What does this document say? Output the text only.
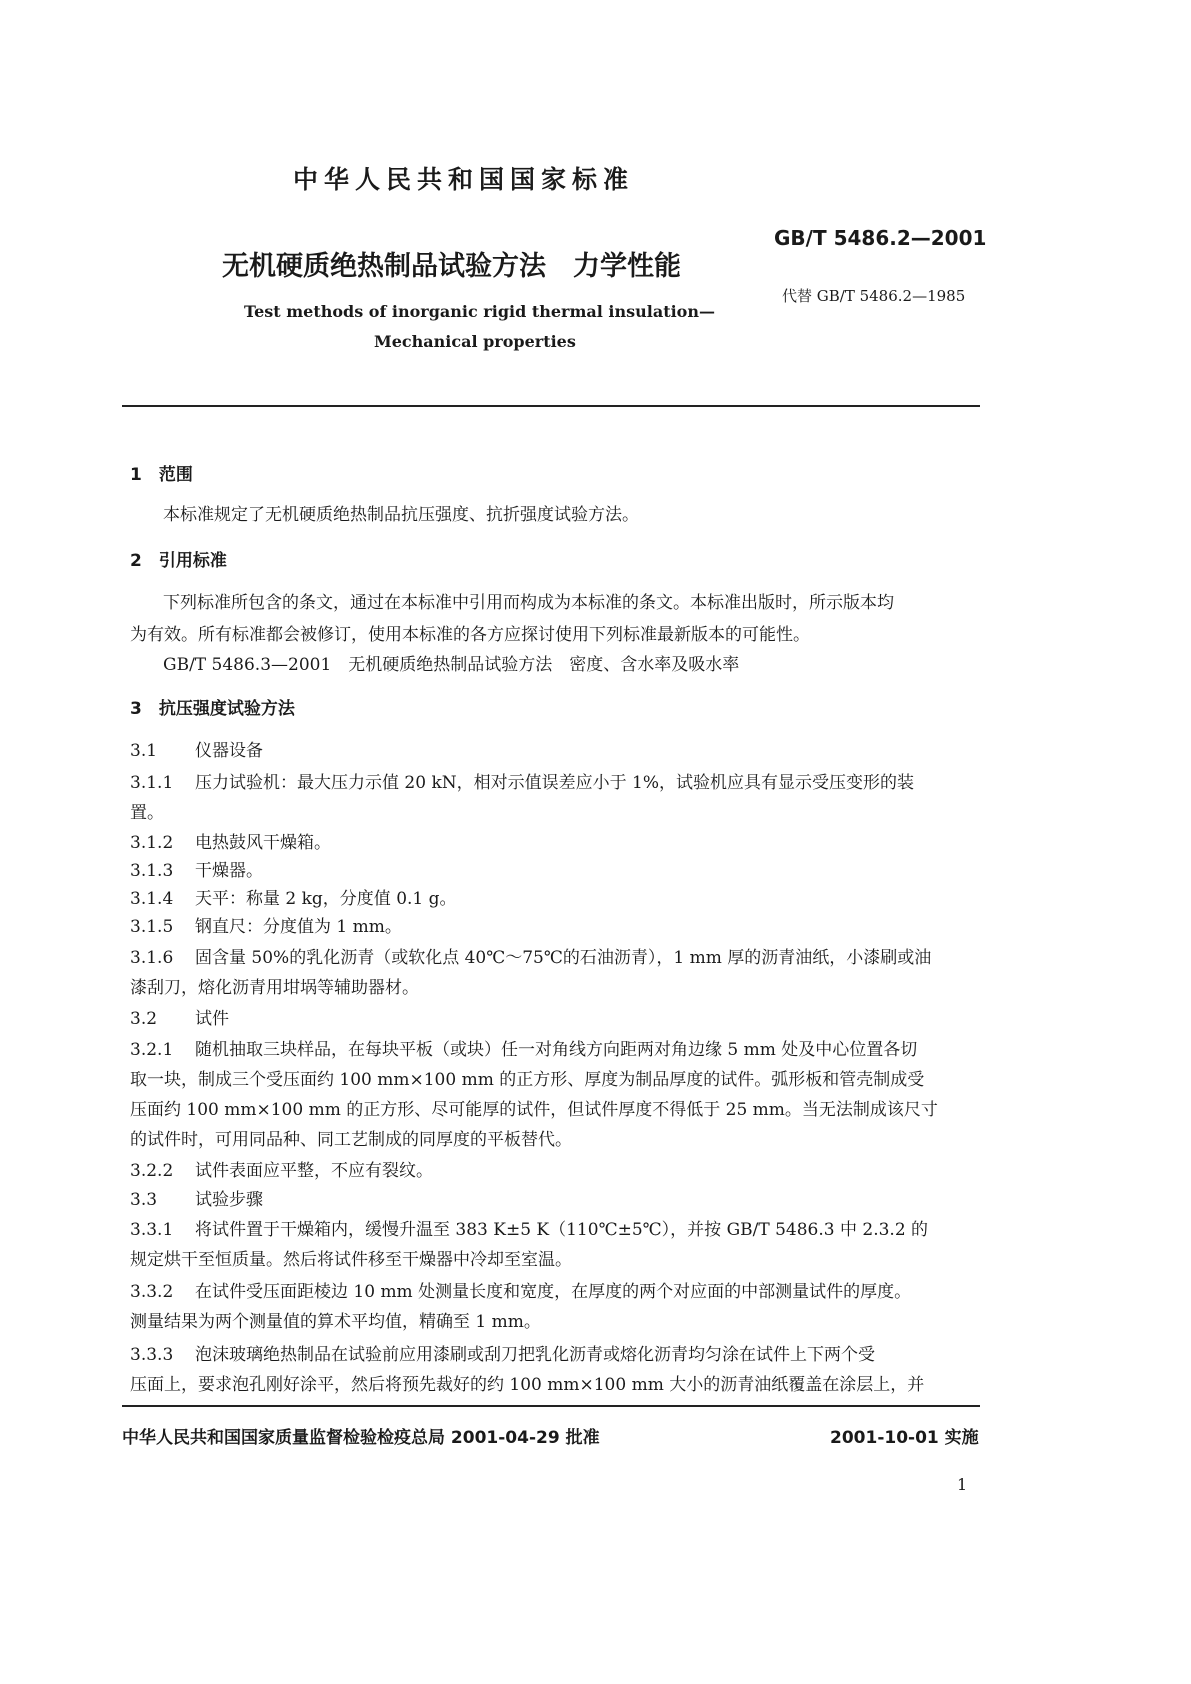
中华人民共和国国家标准
GB/T 5486.2—2001
无机硬质绝热制品试验方法　力学性能
代替 GB/T 5486.2—1985
Test methods of inorganic rigid thermal insulation—
Mechanical properties
1　范围
本标准规定了无机硬质绝热制品抗压强度、抗折强度试验方法。
2　引用标准
下列标准所包含的条文，通过在本标准中引用而构成为本标准的条文。本标准出版时，所示版本均
为有效。所有标准都会被修订，使用本标准的各方应探讨使用下列标准最新版本的可能性。
GB/T 5486.3—2001　无机硬质绝热制品试验方法　密度、含水率及吸水率
3　抗压强度试验方法
3.1 仪器设备
3.1.1 压力试验机：最大压力示值 20 kN，相对示值误差应小于 1%，试验机应具有显示受压变形的装
置。
3.1.2 电热鼓风干燥箱。
3.1.3 干燥器。
3.1.4 天平：称量 2 kg，分度值 0.1 g。
3.1.5 钢直尺：分度值为 1 mm。
3.1.6 固含量 50%的乳化沥青（或软化点 40℃～75℃的石油沥青），1 mm 厚的沥青油纸，小漆刷或油
漆刮刀，熔化沥青用坩埚等辅助器材。
3.2 试件
3.2.1 随机抽取三块样品，在每块平板（或块）任一对角线方向距两对角边缘 5 mm 处及中心位置各切
取一块，制成三个受压面约 100 mm×100 mm 的正方形、厚度为制品厚度的试件。弧形板和管壳制成受
压面约 100 mm×100 mm 的正方形、尽可能厚的试件，但试件厚度不得低于 25 mm。当无法制成该尺寸
的试件时，可用同品种、同工艺制成的同厚度的平板替代。
3.2.2 试件表面应平整，不应有裂纹。
3.3 试验步骤
3.3.1 将试件置于干燥箱内，缓慢升温至 383 K±5 K（110℃±5℃），并按 GB/T 5486.3 中 2.3.2 的
规定烘干至恒质量。然后将试件移至干燥器中冷却至室温。
3.3.2 在试件受压面距棱边 10 mm 处测量长度和宽度，在厚度的两个对应面的中部测量试件的厚度。
测量结果为两个测量值的算术平均值，精确至 1 mm。
3.3.3 泡沫玻璃绝热制品在试验前应用漆刷或刮刀把乳化沥青或熔化沥青均匀涂在试件上下两个受
压面上，要求泡孔刚好涂平，然后将预先裁好的约 100 mm×100 mm 大小的沥青油纸覆盖在涂层上，并
中华人民共和国国家质量监督检验检疫总局 2001-04-29 批准	2001-10-01 实施
1
